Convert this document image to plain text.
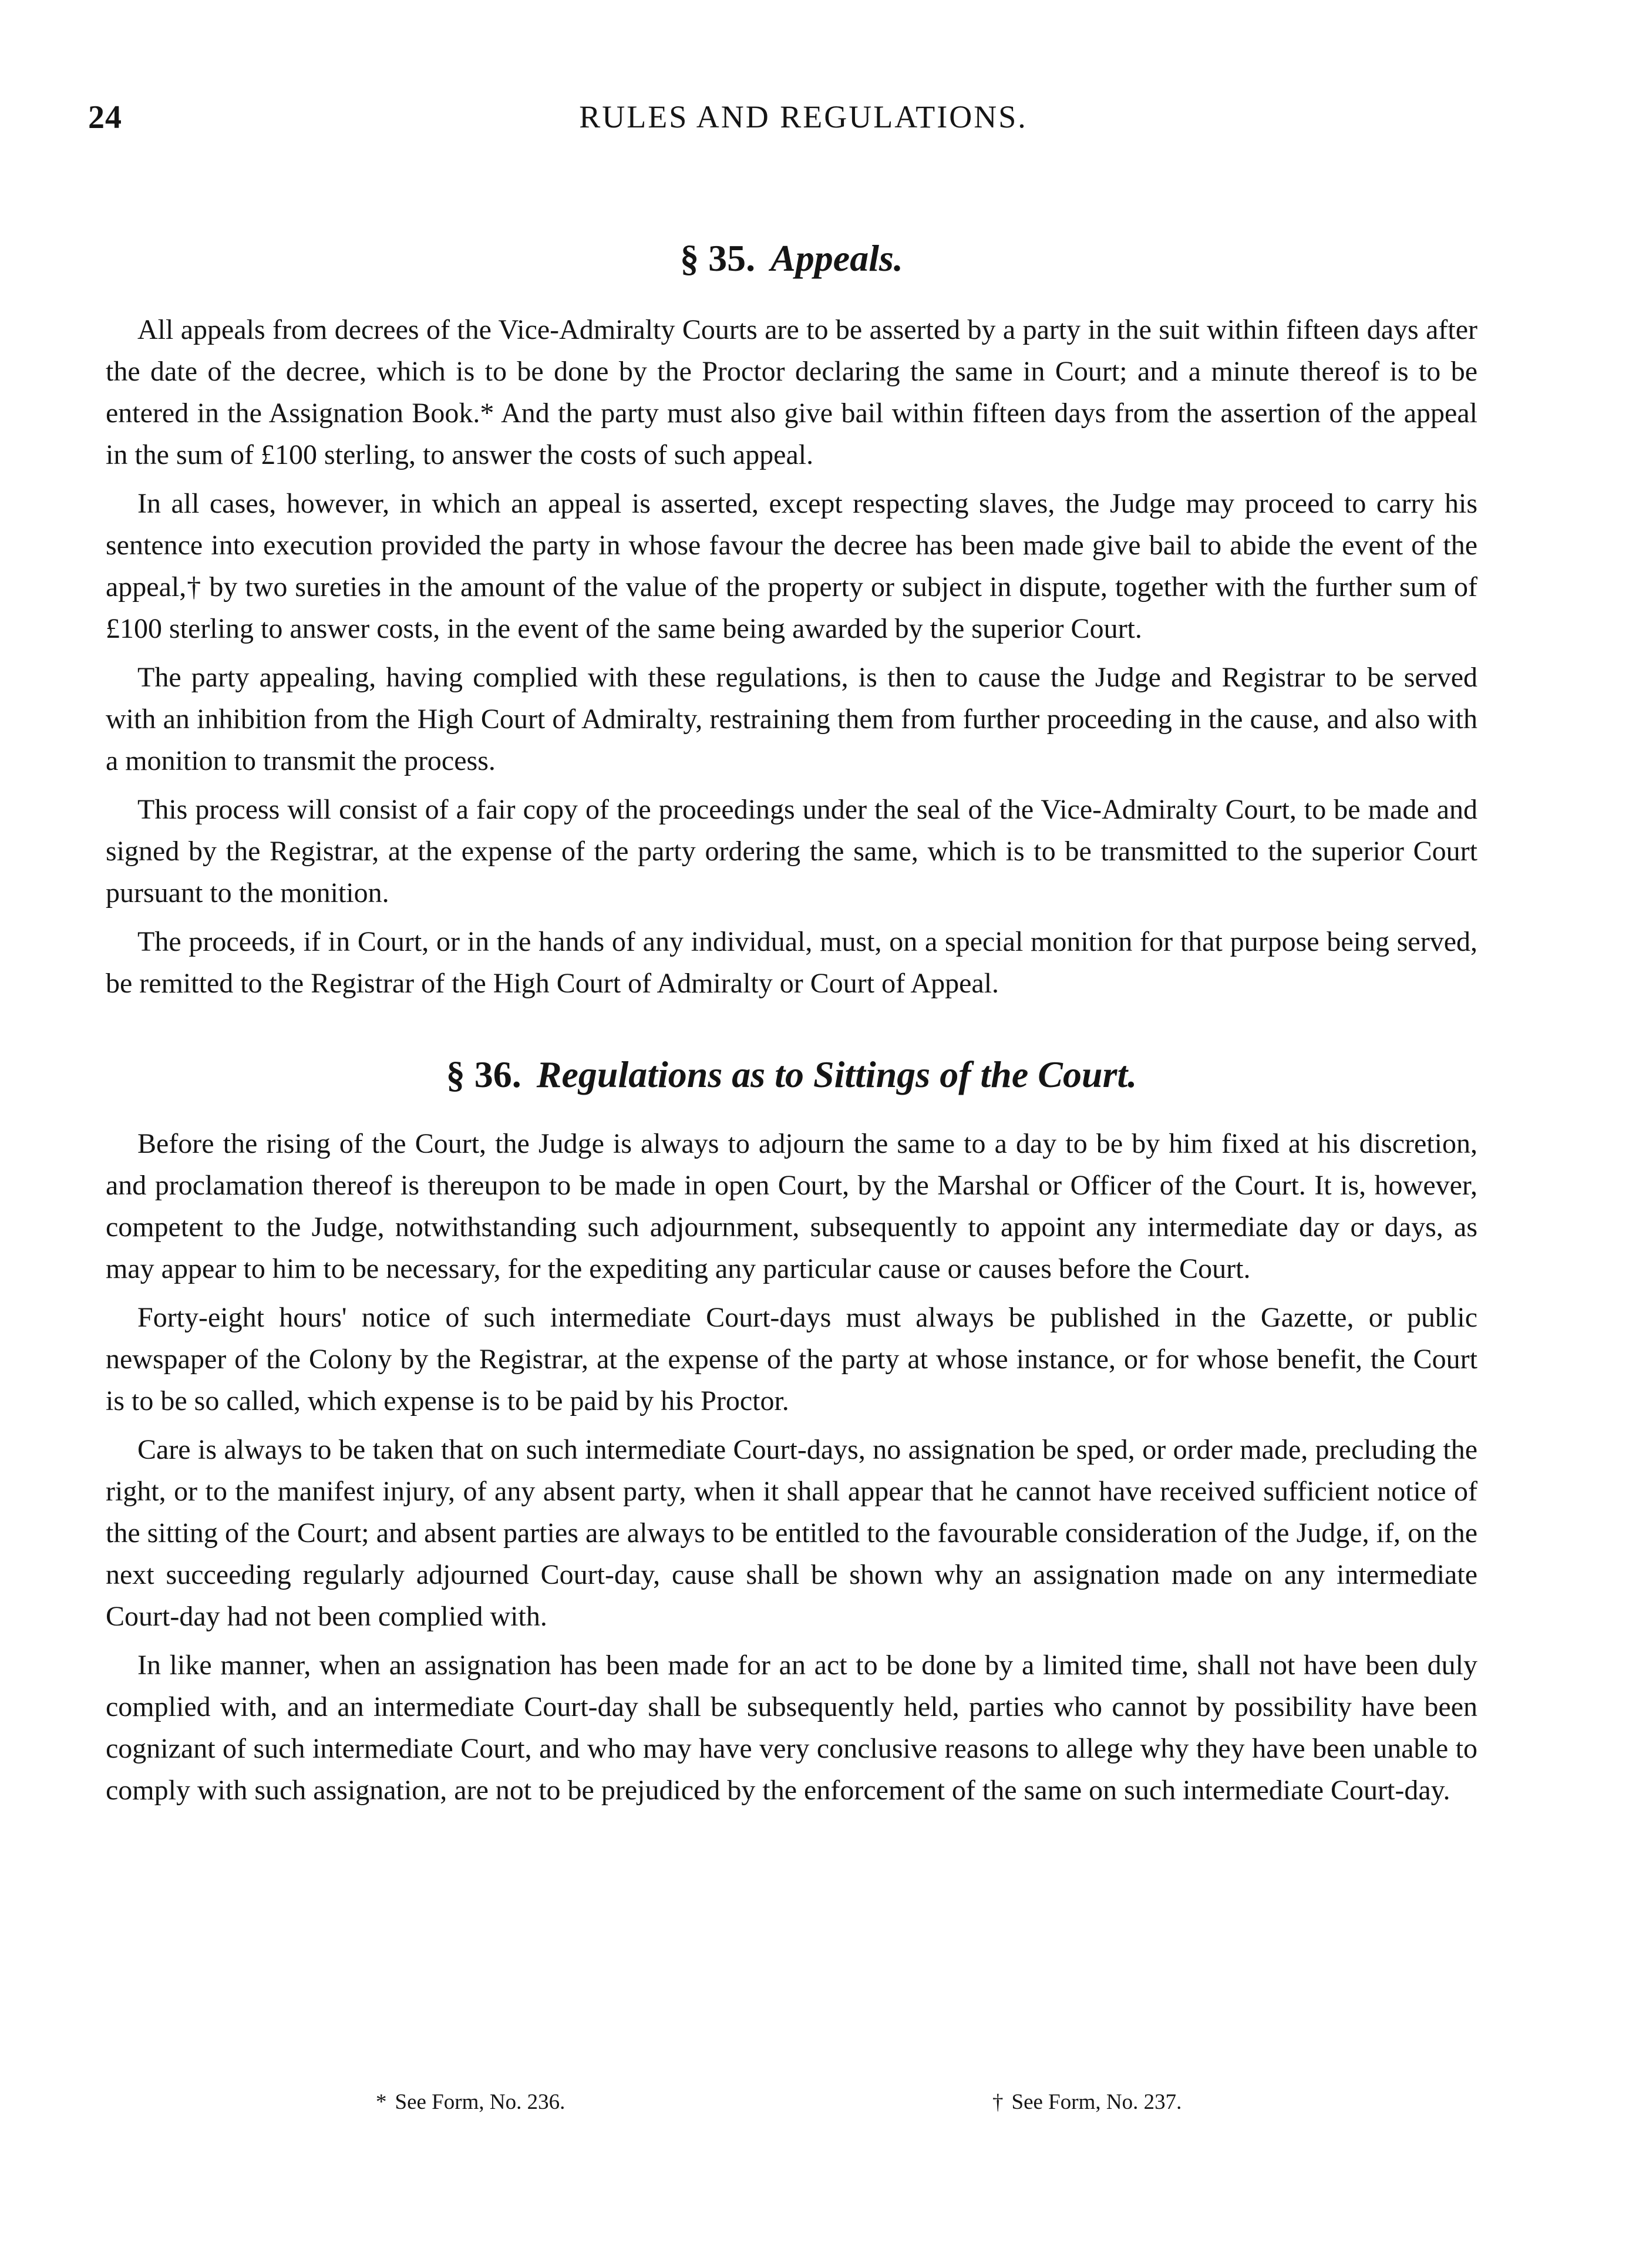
24	RULES AND REGULATIONS.
§ 35. Appeals.

All appeals from decrees of the Vice-Admiralty Courts are to be asserted by a party in the suit within fifteen days after the date of the decree, which is to be done by the Proctor declaring the same in Court; and a minute thereof is to be entered in the Assignation Book.* And the party must also give bail within fifteen days from the assertion of the appeal in the sum of £100 sterling, to answer the costs of such appeal.

In all cases, however, in which an appeal is asserted, except respecting slaves, the Judge may proceed to carry his sentence into execution provided the party in whose favour the decree has been made give bail to abide the event of the appeal,† by two sureties in the amount of the value of the property or subject in dispute, together with the further sum of £100 sterling to answer costs, in the event of the same being awarded by the superior Court.

The party appealing, having complied with these regulations, is then to cause the Judge and Registrar to be served with an inhibition from the High Court of Admiralty, restraining them from further proceeding in the cause, and also with a monition to transmit the process.

This process will consist of a fair copy of the proceedings under the seal of the Vice-Admiralty Court, to be made and signed by the Registrar, at the expense of the party ordering the same, which is to be transmitted to the superior Court pursuant to the monition.

The proceeds, if in Court, or in the hands of any individual, must, on a special monition for that purpose being served, be remitted to the Registrar of the High Court of Admiralty or Court of Appeal.

§ 36. Regulations as to Sittings of the Court.

Before the rising of the Court, the Judge is always to adjourn the same to a day to be by him fixed at his discretion, and proclamation thereof is thereupon to be made in open Court, by the Marshal or Officer of the Court. It is, however, competent to the Judge, notwithstanding such adjournment, subsequently to appoint any intermediate day or days, as may appear to him to be necessary, for the expediting any particular cause or causes before the Court.

Forty-eight hours' notice of such intermediate Court-days must always be published in the Gazette, or public newspaper of the Colony by the Registrar, at the expense of the party at whose instance, or for whose benefit, the Court is to be so called, which expense is to be paid by his Proctor.

Care is always to be taken that on such intermediate Court-days, no assignation be sped, or order made, precluding the right, or to the manifest injury, of any absent party, when it shall appear that he cannot have received sufficient notice of the sitting of the Court; and absent parties are always to be entitled to the favourable consideration of the Judge, if, on the next succeeding regularly adjourned Court-day, cause shall be shown why an assignation made on any intermediate Court-day had not been complied with.

In like manner, when an assignation has been made for an act to be done by a limited time, shall not have been duly complied with, and an intermediate Court-day shall be subsequently held, parties who cannot by possibility have been cognizant of such intermediate Court, and who may have very conclusive reasons to allege why they have been unable to comply with such assignation, are not to be prejudiced by the enforcement of the same on such intermediate Court-day.

* See Form, No. 236.	† See Form, No. 237.
